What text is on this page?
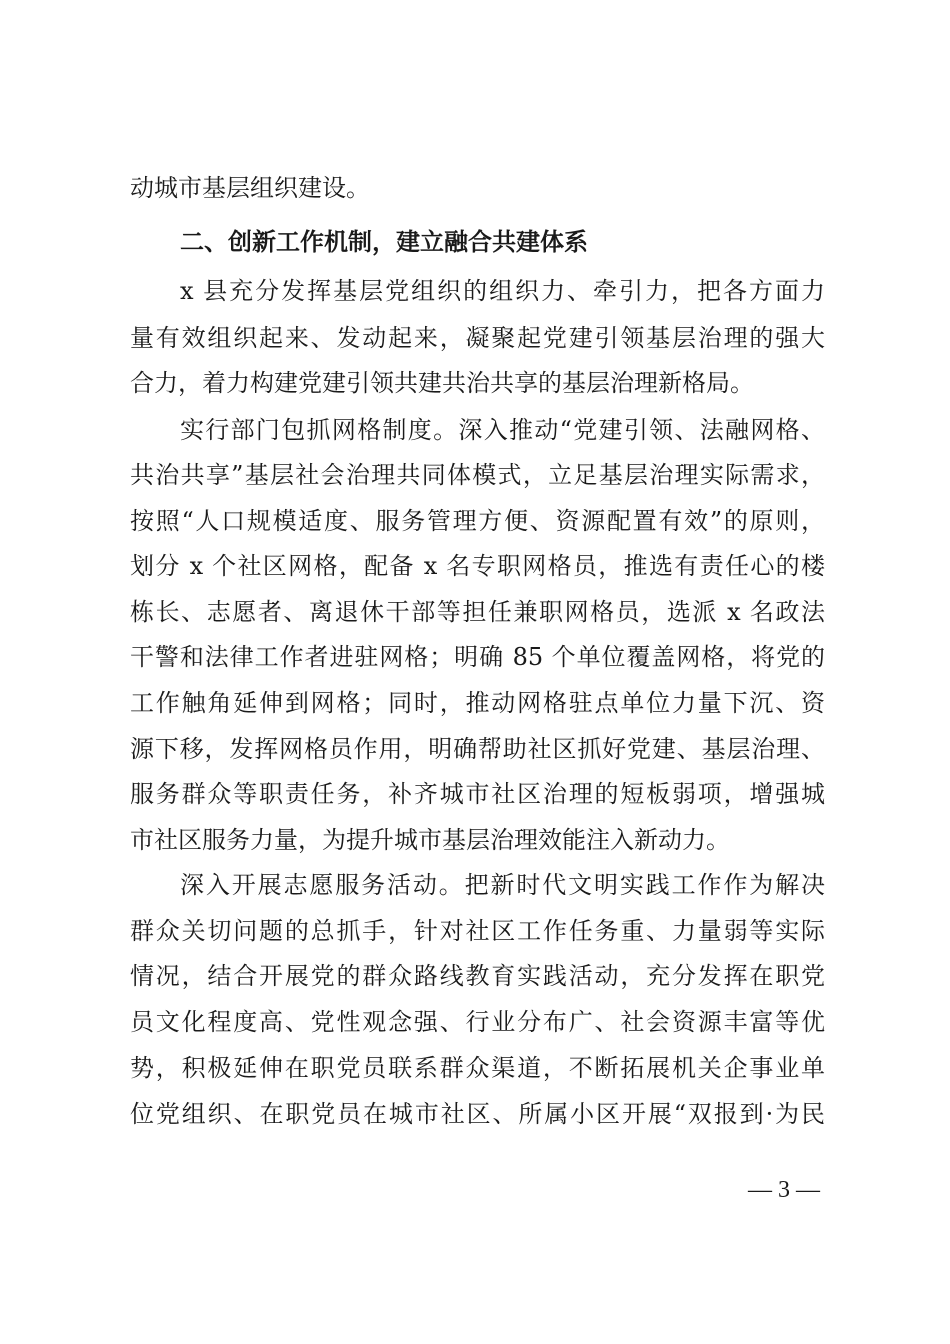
动城市基层组织建设。
二、创新工作机制，建立融合共建体系
x 县充分发挥基层党组织的组织力、牵引力，把各方面力
量有效组织起来、发动起来，凝聚起党建引领基层治理的强大
合力，着力构建党建引领共建共治共享的基层治理新格局。
实行部门包抓网格制度。深入推动“党建引领、法融网格、
共治共享”基层社会治理共同体模式，立足基层治理实际需求，
按照“人口规模适度、服务管理方便、资源配置有效”的原则，
划分 x 个社区网格，配备 x 名专职网格员，推选有责任心的楼
栋长、志愿者、离退休干部等担任兼职网格员，选派 x 名政法
干警和法律工作者进驻网格；明确 85 个单位覆盖网格，将党的
工作触角延伸到网格；同时，推动网格驻点单位力量下沉、资
源下移，发挥网格员作用，明确帮助社区抓好党建、基层治理、
服务群众等职责任务，补齐城市社区治理的短板弱项，增强城
市社区服务力量，为提升城市基层治理效能注入新动力。
深入开展志愿服务活动。把新时代文明实践工作作为解决
群众关切问题的总抓手，针对社区工作任务重、力量弱等实际
情况，结合开展党的群众路线教育实践活动，充分发挥在职党
员文化程度高、党性观念强、行业分布广、社会资源丰富等优
势，积极延伸在职党员联系群众渠道，不断拓展机关企事业单
位党组织、在职党员在城市社区、所属小区开展“双报到·为民
— 3 —
